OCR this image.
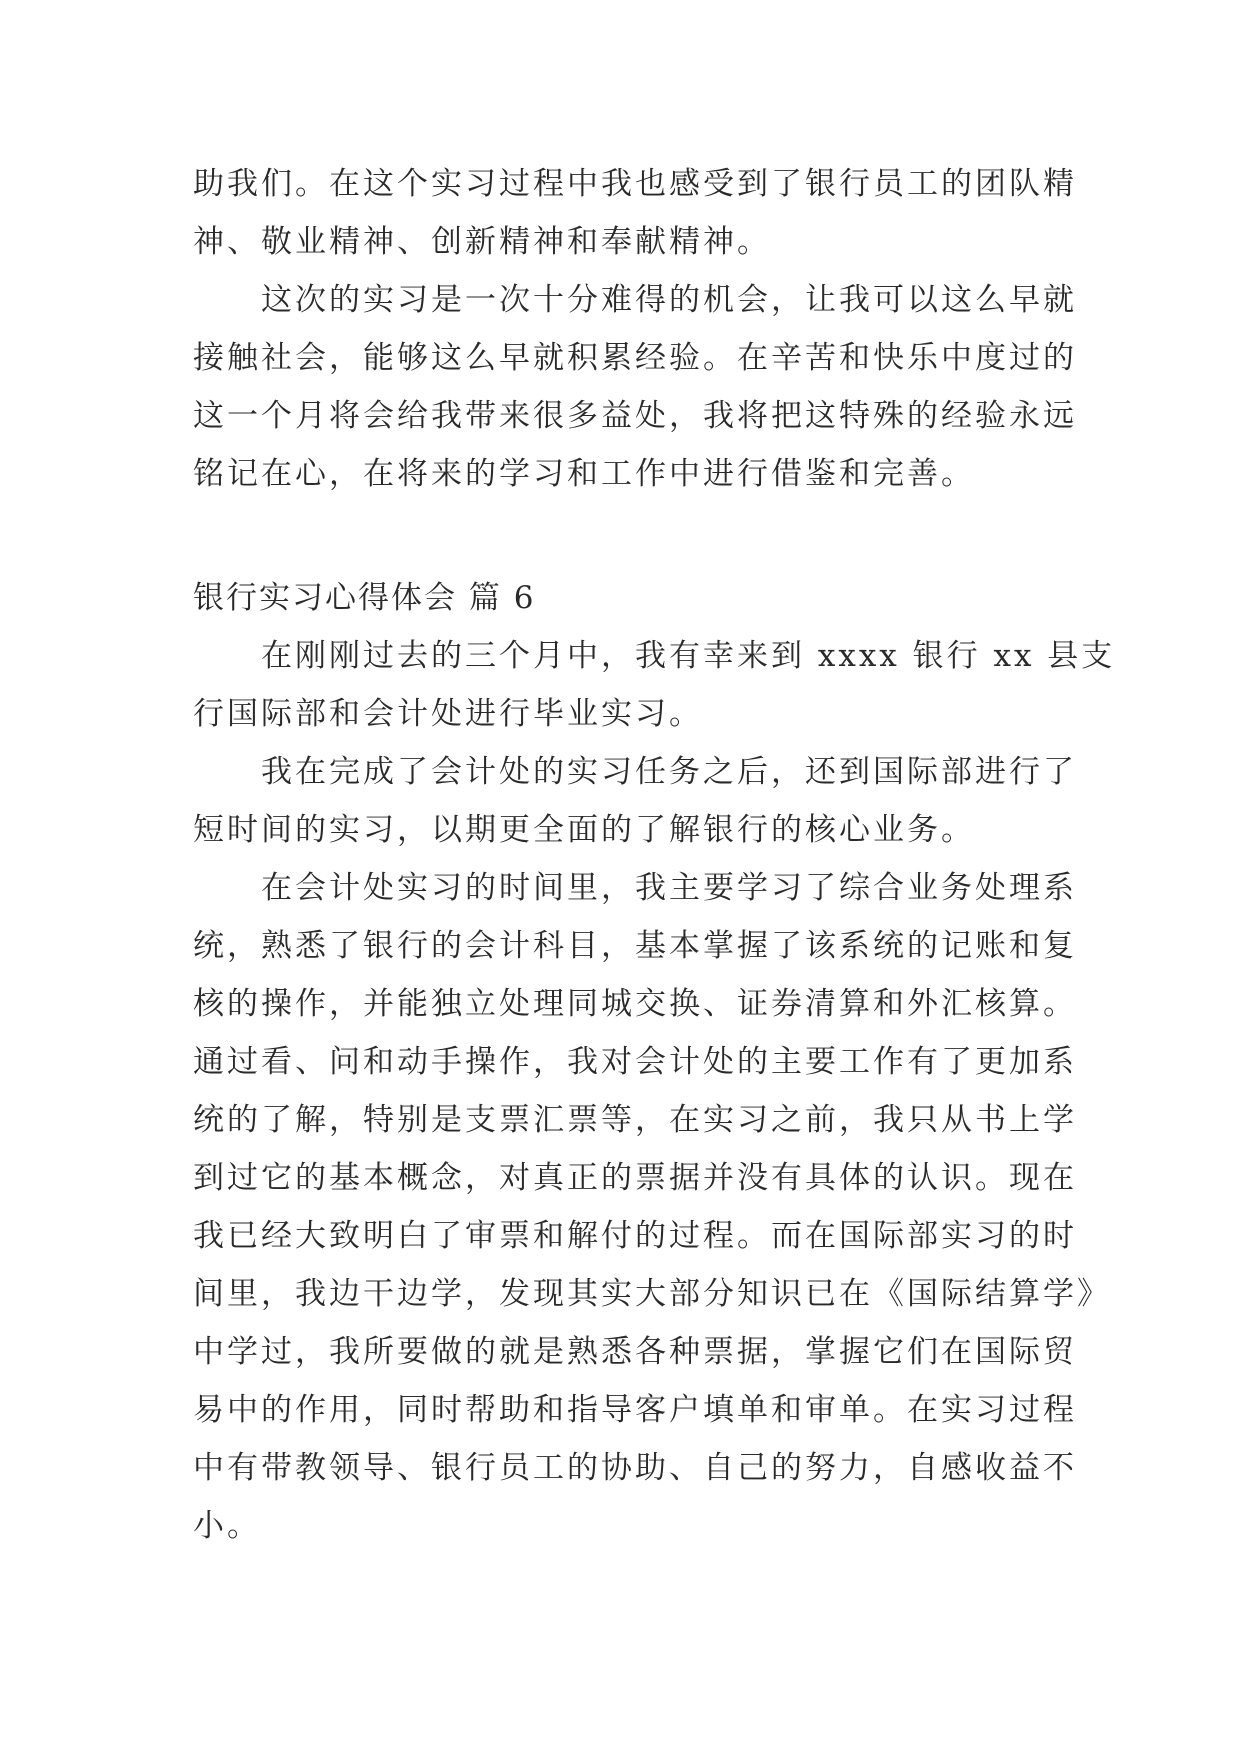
助我们。在这个实习过程中我也感受到了银行员工的团队精
神、敬业精神、创新精神和奉献精神。
　　这次的实习是一次十分难得的机会，让我可以这么早就
接触社会，能够这么早就积累经验。在辛苦和快乐中度过的
这一个月将会给我带来很多益处，我将把这特殊的经验永远
铭记在心，在将来的学习和工作中进行借鉴和完善。
银行实习心得体会 篇 6
　　在刚刚过去的三个月中，我有幸来到 xxxx 银行 xx 县支
行国际部和会计处进行毕业实习。
　　我在完成了会计处的实习任务之后，还到国际部进行了
短时间的实习，以期更全面的了解银行的核心业务。
　　在会计处实习的时间里，我主要学习了综合业务处理系
统，熟悉了银行的会计科目，基本掌握了该系统的记账和复
核的操作，并能独立处理同城交换、证券清算和外汇核算。
通过看、问和动手操作，我对会计处的主要工作有了更加系
统的了解，特别是支票汇票等，在实习之前，我只从书上学
到过它的基本概念，对真正的票据并没有具体的认识。现在
我已经大致明白了审票和解付的过程。而在国际部实习的时
间里，我边干边学，发现其实大部分知识已在《国际结算学》
中学过，我所要做的就是熟悉各种票据，掌握它们在国际贸
易中的作用，同时帮助和指导客户填单和审单。在实习过程
中有带教领导、银行员工的协助、自己的努力，自感收益不
小。
